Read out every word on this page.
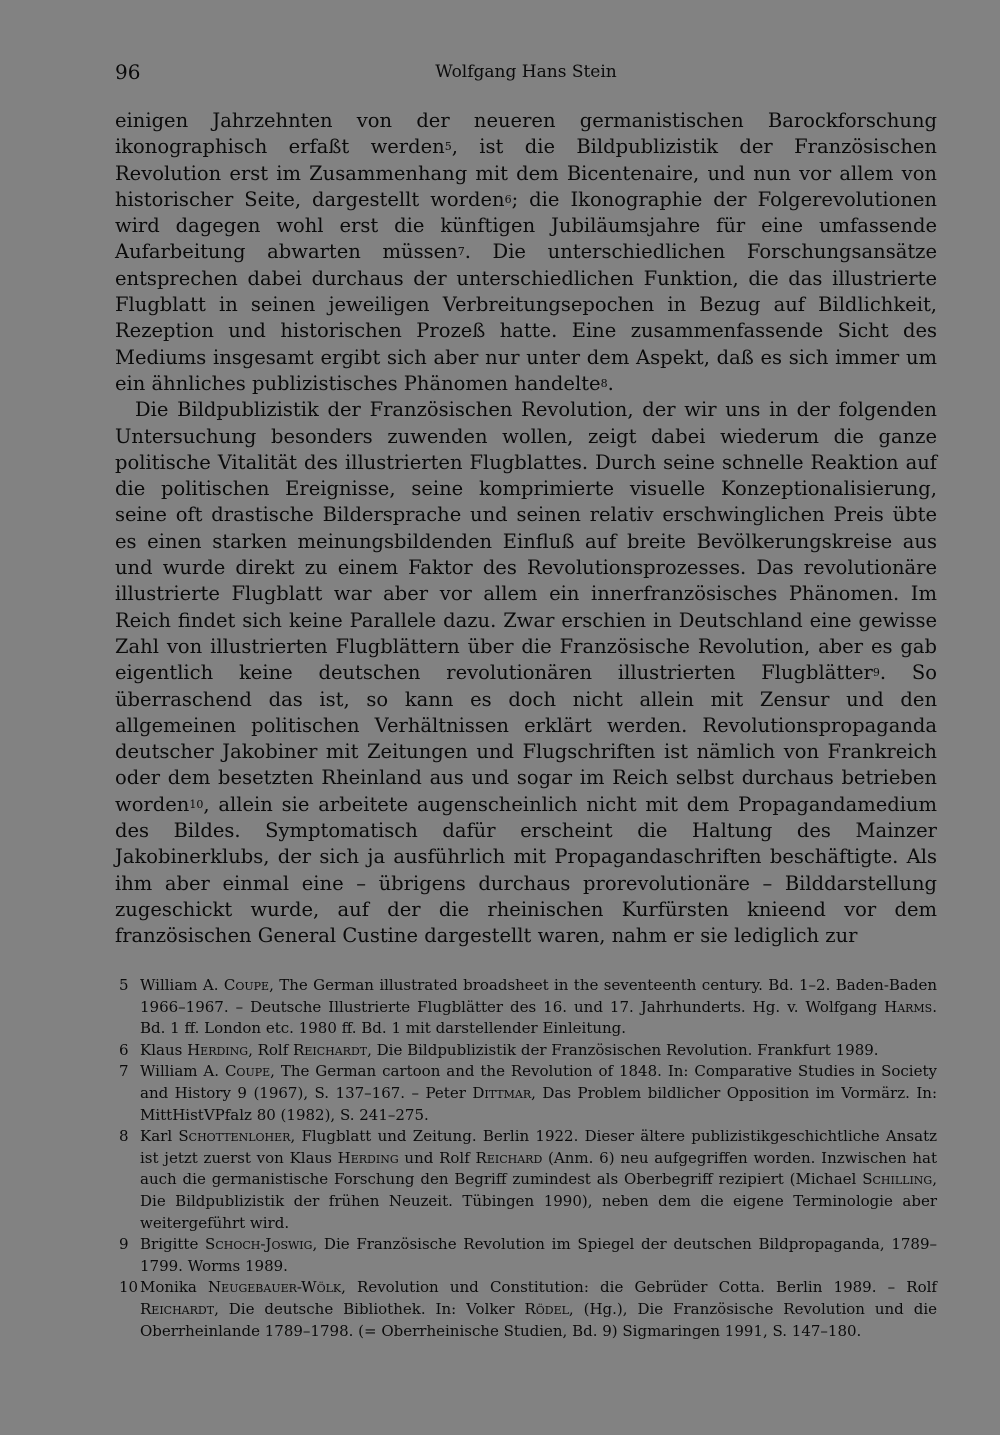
96	Wolfgang Hans Stein

einigen Jahrzehnten von der neueren germanistischen Barockforschung ikonographisch erfaßt werden$^5$, ist die Bildpublizistik der Französischen Revolution erst im Zusammenhang mit dem Bicentenaire, und nun vor allem von historischer Seite, dargestellt worden$^6$; die Ikonographie der Folgerevolutionen wird dagegen wohl erst die künftigen Jubiläumsjahre für eine umfassende Aufarbeitung abwarten müssen$^7$. Die unterschiedlichen Forschungsansätze entsprechen dabei durchaus der unterschiedlichen Funktion, die das illustrierte Flugblatt in seinen jeweiligen Verbreitungsepochen in Bezug auf Bildlichkeit, Rezeption und historischen Prozeß hatte. Eine zusammenfassende Sicht des Mediums insgesamt ergibt sich aber nur unter dem Aspekt, daß es sich immer um ein ähnliches publizistisches Phänomen handelte$^8$.

Die Bildpublizistik der Französischen Revolution, der wir uns in der folgenden Untersuchung besonders zuwenden wollen, zeigt dabei wiederum die ganze politische Vitalität des illustrierten Flugblattes. Durch seine schnelle Reaktion auf die politischen Ereignisse, seine komprimierte visuelle Konzeptionalisierung, seine oft drastische Bildersprache und seinen relativ erschwinglichen Preis übte es einen starken meinungsbildenden Einfluß auf breite Bevölkerungskreise aus und wurde direkt zu einem Faktor des Revolutionsprozesses. Das revolutionäre illustrierte Flugblatt war aber vor allem ein innerfranzösisches Phänomen. Im Reich findet sich keine Parallele dazu. Zwar erschien in Deutschland eine gewisse Zahl von illustrierten Flugblättern über die Französische Revolution, aber es gab eigentlich keine deutschen revolutionären illustrierten Flugblätter$^9$. So überraschend das ist, so kann es doch nicht allein mit Zensur und den allgemeinen politischen Verhältnissen erklärt werden. Revolutionspropaganda deutscher Jakobiner mit Zeitungen und Flugschriften ist nämlich von Frankreich oder dem besetzten Rheinland aus und sogar im Reich selbst durchaus betrieben worden$^{10}$, allein sie arbeitete augenscheinlich nicht mit dem Propagandamedium des Bildes. Symptomatisch dafür erscheint die Haltung des Mainzer Jakobinerklubs, der sich ja ausführlich mit Propagandaschriften beschäftigte. Als ihm aber einmal eine – übrigens durchaus prorevolutionäre – Bilddarstellung zugeschickt wurde, auf der die rheinischen Kurfürsten knieend vor dem französischen General Custine dargestellt waren, nahm er sie lediglich zur

5 William A. Coupe, The German illustrated broadsheet in the seventeenth century. Bd. 1–2. Baden-Baden 1966–1967. – Deutsche Illustrierte Flugblätter des 16. und 17. Jahrhunderts. Hg. v. Wolfgang Harms. Bd. 1 ff. London etc. 1980 ff. Bd. 1 mit darstellender Einleitung.
6 Klaus Herding, Rolf Reichardt, Die Bildpublizistik der Französischen Revolution. Frankfurt 1989.
7 William A. Coupe, The German cartoon and the Revolution of 1848. In: Comparative Studies in Society and History 9 (1967), S. 137–167. – Peter Dittmar, Das Problem bildlicher Opposition im Vormärz. In: MittHistVPfalz 80 (1982), S. 241–275.
8 Karl Schottenloher, Flugblatt und Zeitung. Berlin 1922. Dieser ältere publizistikgeschichtliche Ansatz ist jetzt zuerst von Klaus Herding und Rolf Reichard (Anm. 6) neu aufgegriffen worden. Inzwischen hat auch die germanistische Forschung den Begriff zumindest als Oberbegriff rezipiert (Michael Schilling, Die Bildpublizistik der frühen Neuzeit. Tübingen 1990), neben dem die eigene Terminologie aber weitergeführt wird.
9 Brigitte Schoch-Joswig, Die Französische Revolution im Spiegel der deutschen Bildpropaganda, 1789–1799. Worms 1989.
10 Monika Neugebauer-Wölk, Revolution und Constitution: die Gebrüder Cotta. Berlin 1989. – Rolf Reichardt, Die deutsche Bibliothek. In: Volker Rödel, (Hg.), Die Französische Revolution und die Oberrheinlande 1789–1798. (= Oberrheinische Studien, Bd. 9) Sigmaringen 1991, S. 147–180.
